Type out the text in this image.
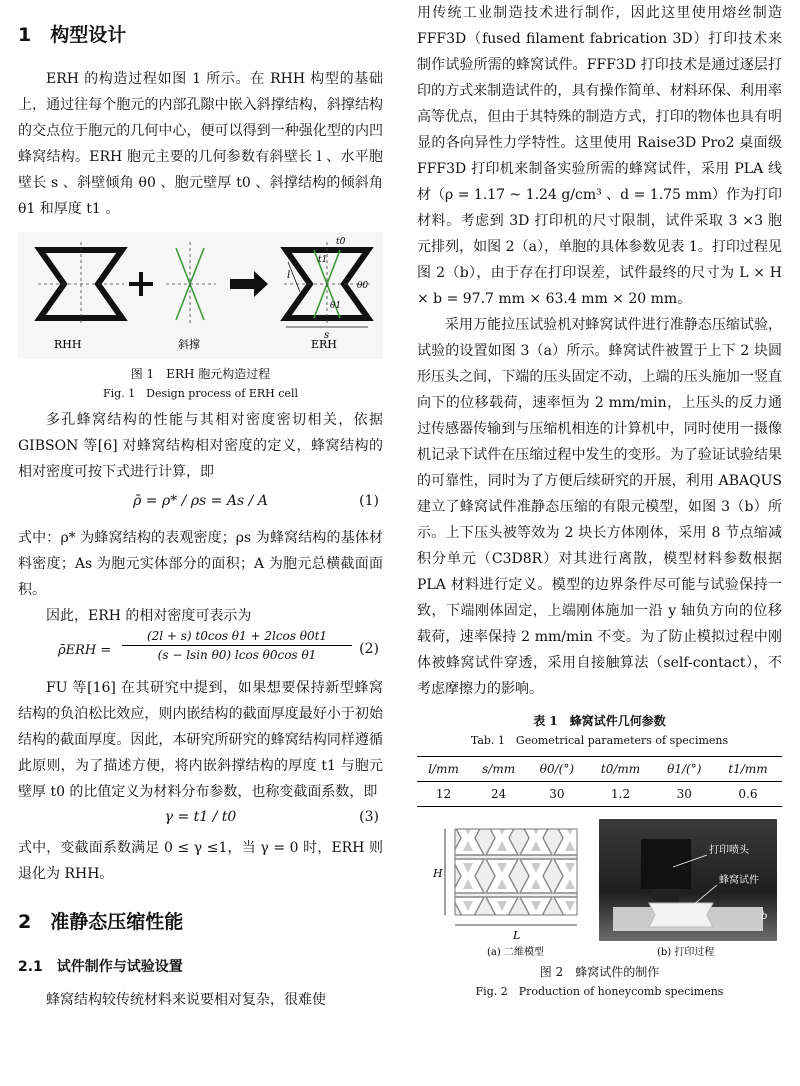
1　构型设计

ERH 的构造过程如图 1 所示。在 RHH 构型的基础上，通过往每个胞元的内部孔隙中嵌入斜撑结构，斜撑结构的交点位于胞元的几何中心，便可以得到一种强化型的内凹蜂窝结构。ERH 胞元主要的几何参数有斜壁长 l 、水平胞壁长 s 、斜壁倾角 θ0 、胞元壁厚 t0 、斜撑结构的倾斜角 θ1 和厚度 t1 。

RHH	斜撑	ERH
l
s
t0
t1
θ0
θ1
图 1　ERH 胞元构造过程
Fig. 1　Design process of ERH cell

多孔蜂窝结构的性能与其相对密度密切相关，依据 GIBSON 等[6] 对蜂窝结构相对密度的定义，蜂窝结构的相对密度可按下式进行计算，即

ρ̄ = ρ* / ρs = As / A	(1)

式中：ρ* 为蜂窝结构的表观密度；ρs 为蜂窝结构的基体材料密度；As 为胞元实体部分的面积；A 为胞元总横截面面积。

因此，ERH 的相对密度可表示为

ρ̄ERH = $\frac{\text{(2l + s) t0cos θ1 + 2lcos θ0t1}}{\text{(s − lsin θ0) lcos θ0cos θ1}} (2)$

FU 等[16] 在其研究中提到，如果想要保持新型蜂窝结构的负泊松比效应，则内嵌结构的截面厚度最好小于初始结构的截面厚度。因此，本研究所研究的蜂窝结构同样遵循此原则，为了描述方便，将内嵌斜撑结构的厚度 t1 与胞元壁厚 t0 的比值定义为材料分布参数，也称变截面系数，即

γ = t1 / t0	(3)

式中，变截面系数满足 0 ≤ γ ≤1，当 γ = 0 时，ERH 则退化为 RHH。

2　准静态压缩性能
2.1　试件制作与试验设置

蜂窝结构较传统材料来说要相对复杂，很难使

用传统工业制造技术进行制作，因此这里使用熔丝制造 FFF3D（fused filament fabrication 3D）打印技术来制作试验所需的蜂窝试件。FFF3D 打印技术是通过逐层打印的方式来制造试件的，具有操作简单、材料环保、利用率高等优点，但由于其特殊的制造方式，打印的物体也具有明显的各向异性力学特性。这里使用 Raise3D Pro2 桌面级 FFF3D 打印机来制备实验所需的蜂窝试件，采用 PLA 线材（ρ = 1.17 ~ 1.24 g/cm³ 、d = 1.75 mm）作为打印材料。考虑到 3D 打印机的尺寸限制，试件采取 3 ×3 胞元排列，如图 2（a），单胞的具体参数见表 1。打印过程见图 2（b），由于存在打印误差，试件最终的尺寸为 L × H × b = 97.7 mm × 63.4 mm × 20 mm。

采用万能拉压试验机对蜂窝试件进行准静态压缩试验，试验的设置如图 3（a）所示。蜂窝试件被置于上下 2 块圆形压头之间，下端的压头固定不动，上端的压头施加一竖直向下的位移载荷，速率恒为 2 mm/min，上压头的反力通过传感器传输到与压缩机相连的计算机中，同时使用一摄像机记录下试件在压缩过程中发生的变形。为了验证试验结果的可靠性，同时为了方便后续研究的开展，利用 ABAQUS 建立了蜂窝试件准静态压缩的有限元模型，如图 3（b）所示。上下压头被等效为 2 块长方体刚体，采用 8 节点缩减积分单元（C3D8R）对其进行离散，模型材料参数根据 PLA 材料进行定义。模型的边界条件尽可能与试验保持一致，下端刚体固定，上端刚体施加一沿 y 轴负方向的位移载荷，速率保持 2 mm/min 不变。为了防止模拟过程中刚体被蜂窝试件穿透，采用自接触算法（self-contact），不考虑摩擦力的影响。

表 1　蜂窝试件几何参数
Tab. 1　Geometrical parameters of specimens
l/mm	s/mm	θ0/(°)	t0/mm	θ1/(°)	t1/mm
12	24	30	1.2	30	0.6
H
L
打印喷头
蜂窝试件
b
(a) 二维模型	(b) 打印过程
图 2　蜂窝试件的制作
Fig. 2　Production of honeycomb specimens
